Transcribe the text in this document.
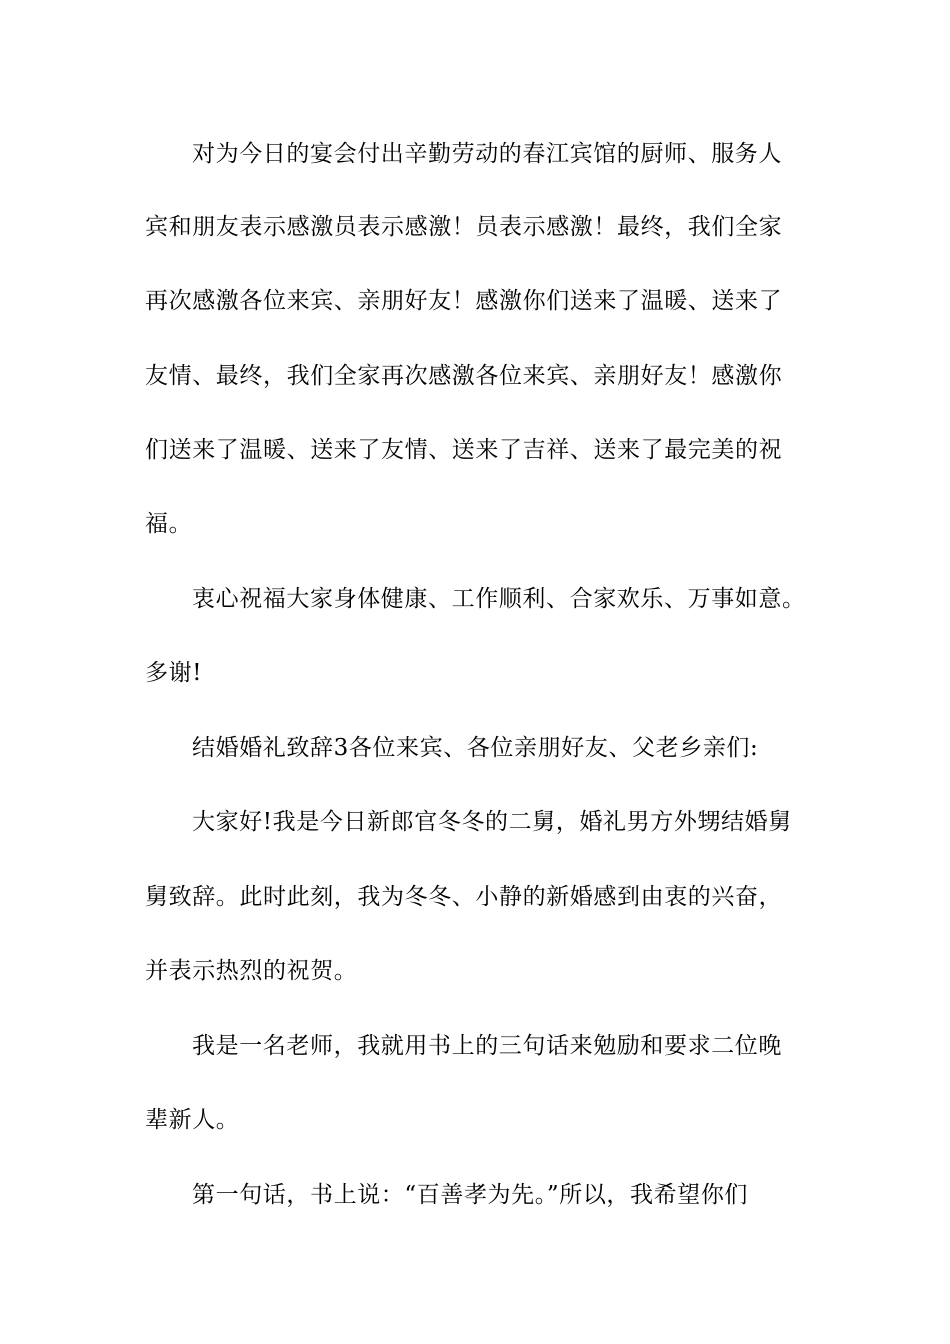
对为今日的宴会付出辛勤劳动的春江宾馆的厨师、服务人
宾和朋友表示感激员表示感激！员表示感激！最终，我们全家
再次感激各位来宾、亲朋好友！感激你们送来了温暖、送来了
友情、最终，我们全家再次感激各位来宾、亲朋好友！感激你
们送来了温暖、送来了友情、送来了吉祥、送来了最完美的祝
福。
衷心祝福大家身体健康、工作顺利、合家欢乐、万事如意。
多谢!
结婚婚礼致辞3各位来宾、各位亲朋好友、父老乡亲们:
大家好!我是今日新郎官冬冬的二舅，婚礼男方外甥结婚舅
舅致辞。此时此刻，我为冬冬、小静的新婚感到由衷的兴奋，
并表示热烈的祝贺。
我是一名老师，我就用书上的三句话来勉励和要求二位晚
辈新人。
第一句话，书上说：“百善孝为先。”所以，我希望你们
